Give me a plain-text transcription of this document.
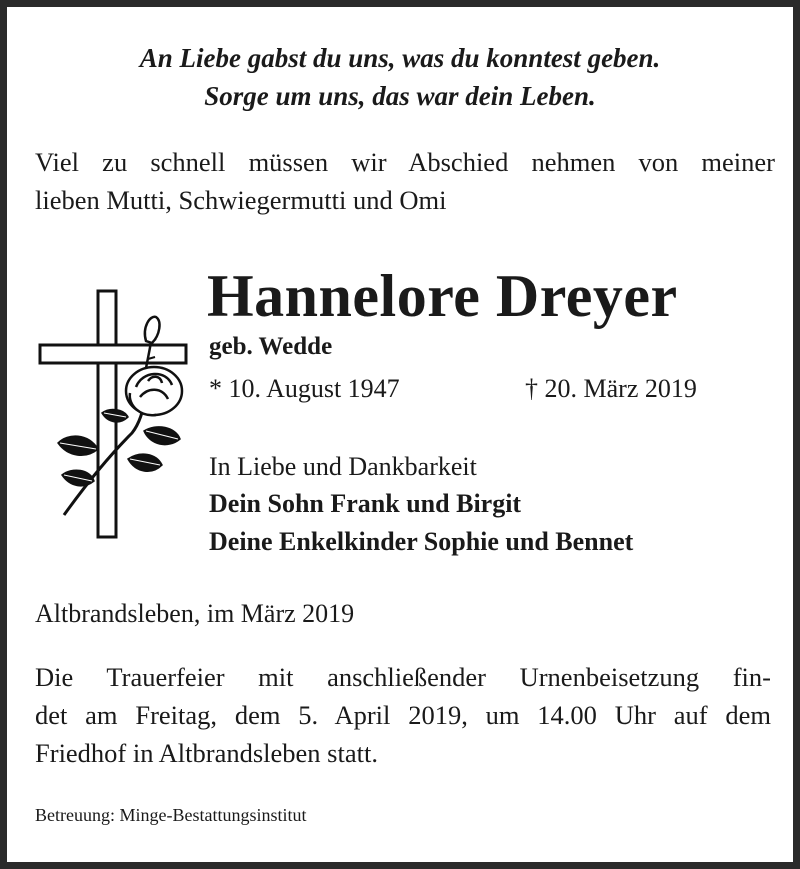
An Liebe gabst du uns, was du konntest geben.
Sorge um uns, das war dein Leben.
Viel zu schnell müssen wir Abschied nehmen von meiner
lieben Mutti, Schwiegermutti und Omi
Hannelore Dreyer
geb. Wedde
* 10. August 1947	† 20. März 2019
In Liebe und Dankbarkeit
Dein Sohn Frank und Birgit
Deine Enkelkinder Sophie und Bennet
Altbrandsleben, im März 2019
Die Trauerfeier mit anschließender Urnenbeisetzung fin-
det am Freitag, dem 5. April 2019, um 14.00 Uhr auf dem
Friedhof in Altbrandsleben statt.
Betreuung: Minge-Bestattungsinstitut
